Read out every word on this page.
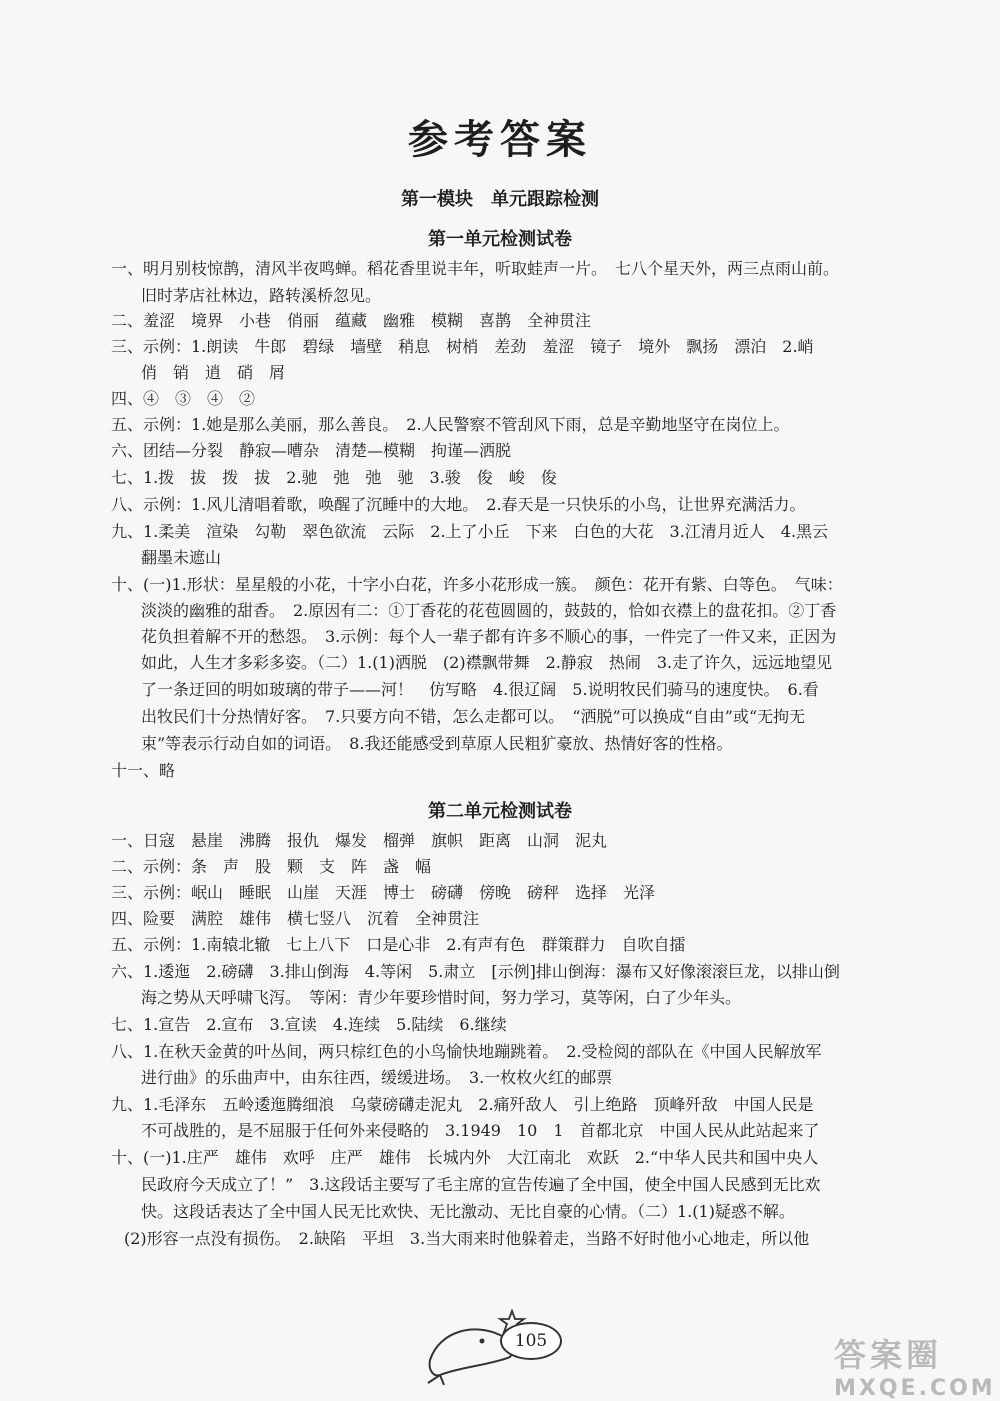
参考答案
第一模块　单元跟踪检测
第一单元检测试卷
一、明月别枝惊鹊，清风半夜鸣蝉。稻花香里说丰年，听取蛙声一片。　七八个星天外，两三点雨山前。
旧时茅店社林边，路转溪桥忽见。
二、羞涩　境界　小巷　俏丽　蕴藏　幽雅　模糊　喜鹊　全神贯注
三、示例：1.朗读　牛郎　碧绿　墙壁　稍息　树梢　差劲　羞涩　镜子　境外　飘扬　漂泊　2.峭
俏　销　逍　硝　屑
四、④　③　④　②
五、示例：1.她是那么美丽，那么善良。　2.人民警察不管刮风下雨，总是辛勤地坚守在岗位上。
六、团结—分裂　静寂—嘈杂　清楚—模糊　拘谨—洒脱
七、1.拨　拔　拨　拔　2.驰　弛　弛　驰　3.骏　俊　峻　俊
八、示例：1.风儿清唱着歌，唤醒了沉睡中的大地。　2.春天是一只快乐的小鸟，让世界充满活力。
九、1.柔美　渲染　勾勒　翠色欲流　云际　2.上了小丘　下来　白色的大花　3.江清月近人　4.黑云
翻墨未遮山
十、(一)1.形状：星星般的小花，十字小白花，许多小花形成一簇。　颜色：花开有紫、白等色。　气味：
淡淡的幽雅的甜香。　2.原因有二：①丁香花的花苞圆圆的，鼓鼓的，恰如衣襟上的盘花扣。②丁香
花负担着解不开的愁怨。　3.示例：每个人一辈子都有许多不顺心的事，一件完了一件又来，正因为
如此，人生才多彩多姿。（二）1.(1)洒脱　(2)襟飘带舞　2.静寂　热闹　3.走了许久，远远地望见
了一条迂回的明如玻璃的带子——河！　仿写略　4.很辽阔　5.说明牧民们骑马的速度快。　6.看
出牧民们十分热情好客。　7.只要方向不错，怎么走都可以。　“洒脱”可以换成“自由”或“无拘无
束”等表示行动自如的词语。　8.我还能感受到草原人民粗犷豪放、热情好客的性格。
十一、略
第二单元检测试卷
一、日寇　悬崖　沸腾　报仇　爆发　榴弹　旗帜　距离　山洞　泥丸
二、示例：条　声　股　颗　支　阵　盏　幅
三、示例：岷山　睡眠　山崖　天涯　博士　磅礴　傍晚　磅秤　选择　光泽
四、险要　满腔　雄伟　横七竖八　沉着　全神贯注
五、示例：1.南辕北辙　七上八下　口是心非　2.有声有色　群策群力　自吹自擂
六、1.逶迤　2.磅礴　3.排山倒海　4.等闲　5.肃立　[示例]排山倒海：瀑布又好像滚滚巨龙，以排山倒
海之势从天呼啸飞泻。　等闲：青少年要珍惜时间，努力学习，莫等闲，白了少年头。
七、1.宣告　2.宣布　3.宣读　4.连续　5.陆续　6.继续
八、1.在秋天金黄的叶丛间，两只棕红色的小鸟愉快地蹦跳着。　2.受检阅的部队在《中国人民解放军
进行曲》的乐曲声中，由东往西，缓缓进场。　3.一枚枚火红的邮票
九、1.毛泽东　五岭逶迤腾细浪　乌蒙磅礴走泥丸　2.痛歼敌人　引上绝路　顶峰歼敌　中国人民是
不可战胜的，是不屈服于任何外来侵略的　3.1949　10　1　首都北京　中国人民从此站起来了
十、(一)1.庄严　雄伟　欢呼　庄严　雄伟　长城内外　大江南北　欢跃　2.“中华人民共和国中央人
民政府今天成立了！”　3.这段话主要写了毛主席的宣告传遍了全中国，使全中国人民感到无比欢
快。这段话表达了全中国人民无比欢快、无比激动、无比自豪的心情。（二）1.(1)疑惑不解。
(2)形容一点没有损伤。　2.缺陷　平坦　3.当大雨来时他躲着走，当路不好时他小心地走，所以他
105	答案圈
MXQE.COM
